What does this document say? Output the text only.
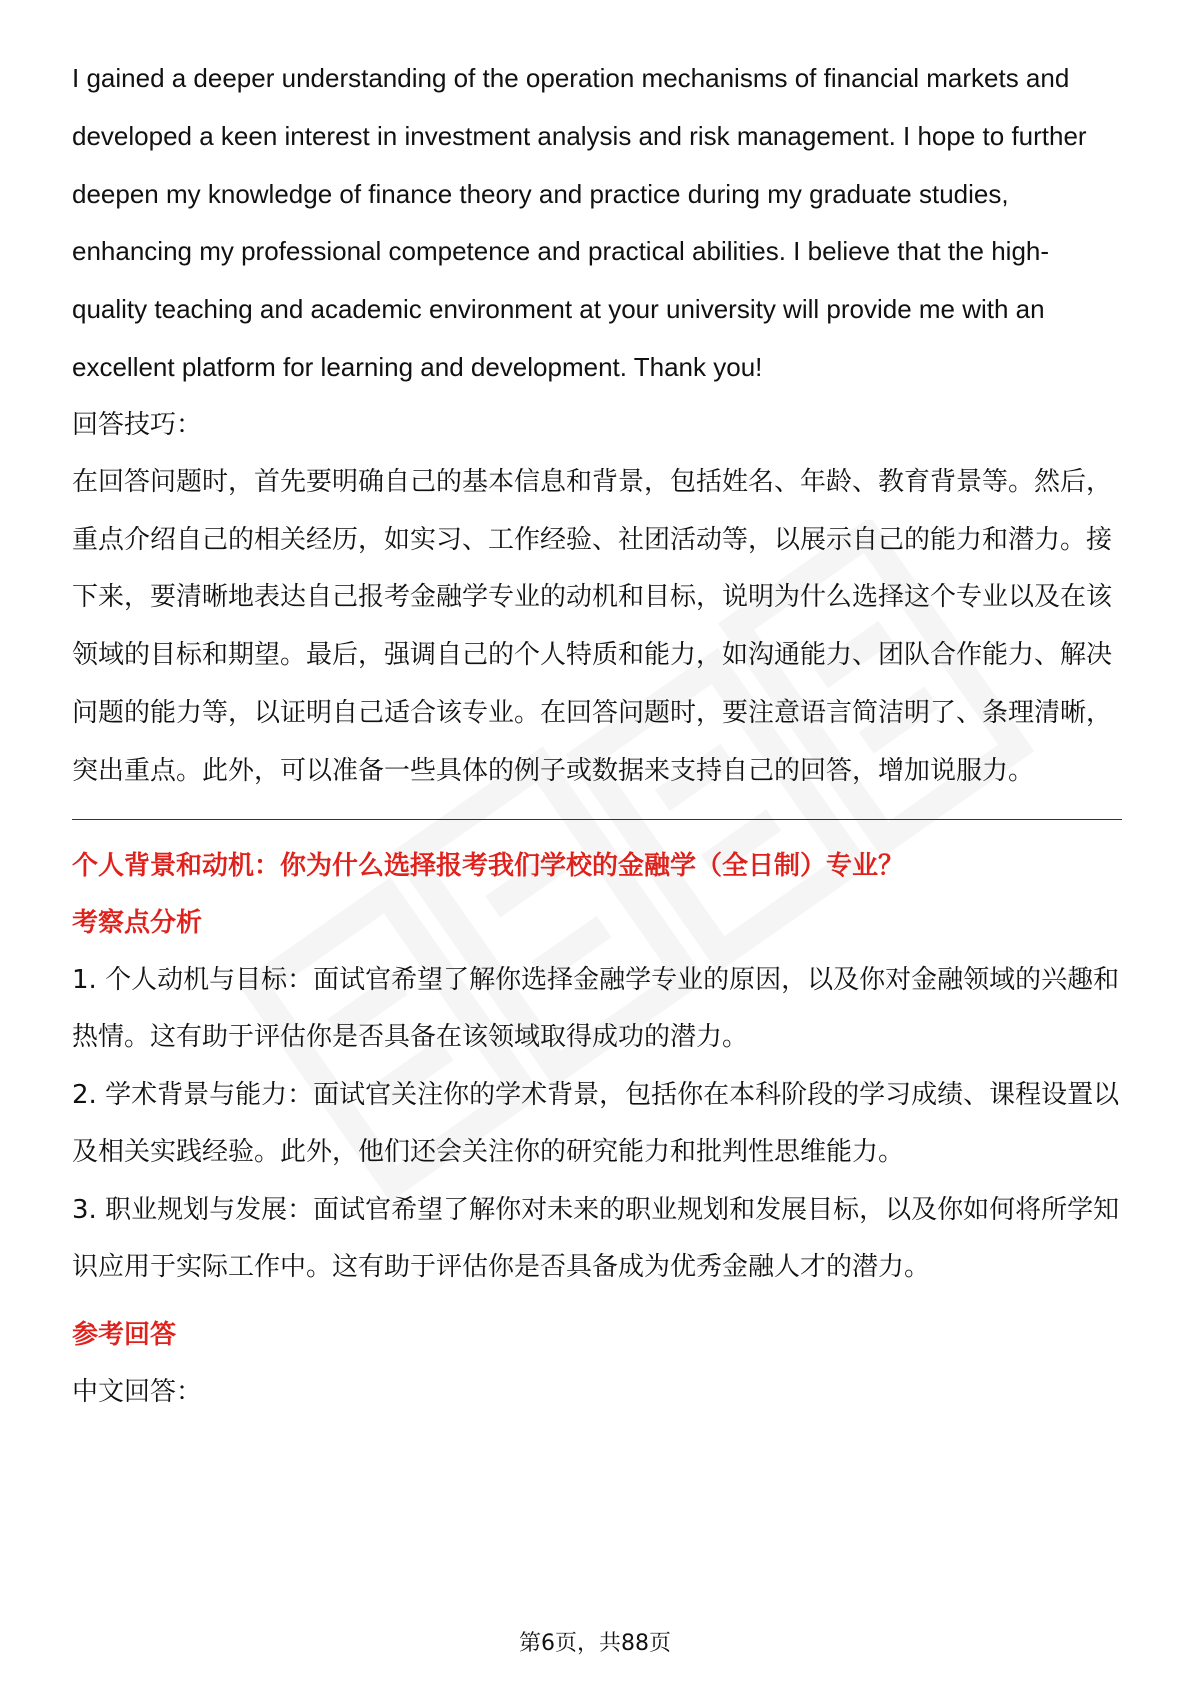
I gained a deeper understanding of the operation mechanisms of financial markets and developed a keen interest in investment analysis and risk management. I hope to further deepen my knowledge of finance theory and practice during my graduate studies, enhancing my professional competence and practical abilities. I believe that the high-quality teaching and academic environment at your university will provide me with an excellent platform for learning and development. Thank you!

回答技巧：

在回答问题时，首先要明确自己的基本信息和背景，包括姓名、年龄、教育背景等。然后，重点介绍自己的相关经历，如实习、工作经验、社团活动等，以展示自己的能力和潜力。接下来，要清晰地表达自己报考金融学专业的动机和目标，说明为什么选择这个专业以及在该领域的目标和期望。最后，强调自己的个人特质和能力，如沟通能力、团队合作能力、解决问题的能力等，以证明自己适合该专业。在回答问题时，要注意语言简洁明了、条理清晰，突出重点。此外，可以准备一些具体的例子或数据来支持自己的回答，增加说服力。

个人背景和动机：你为什么选择报考我们学校的金融学（全日制）专业？

考察点分析

1. 个人动机与目标：面试官希望了解你选择金融学专业的原因，以及你对金融领域的兴趣和热情。这有助于评估你是否具备在该领域取得成功的潜力。

2. 学术背景与能力：面试官关注你的学术背景，包括你在本科阶段的学习成绩、课程设置以及相关实践经验。此外，他们还会关注你的研究能力和批判性思维能力。

3. 职业规划与发展：面试官希望了解你对未来的职业规划和发展目标，以及你如何将所学知识应用于实际工作中。这有助于评估你是否具备成为优秀金融人才的潜力。

参考回答

中文回答：

第6页，共88页
